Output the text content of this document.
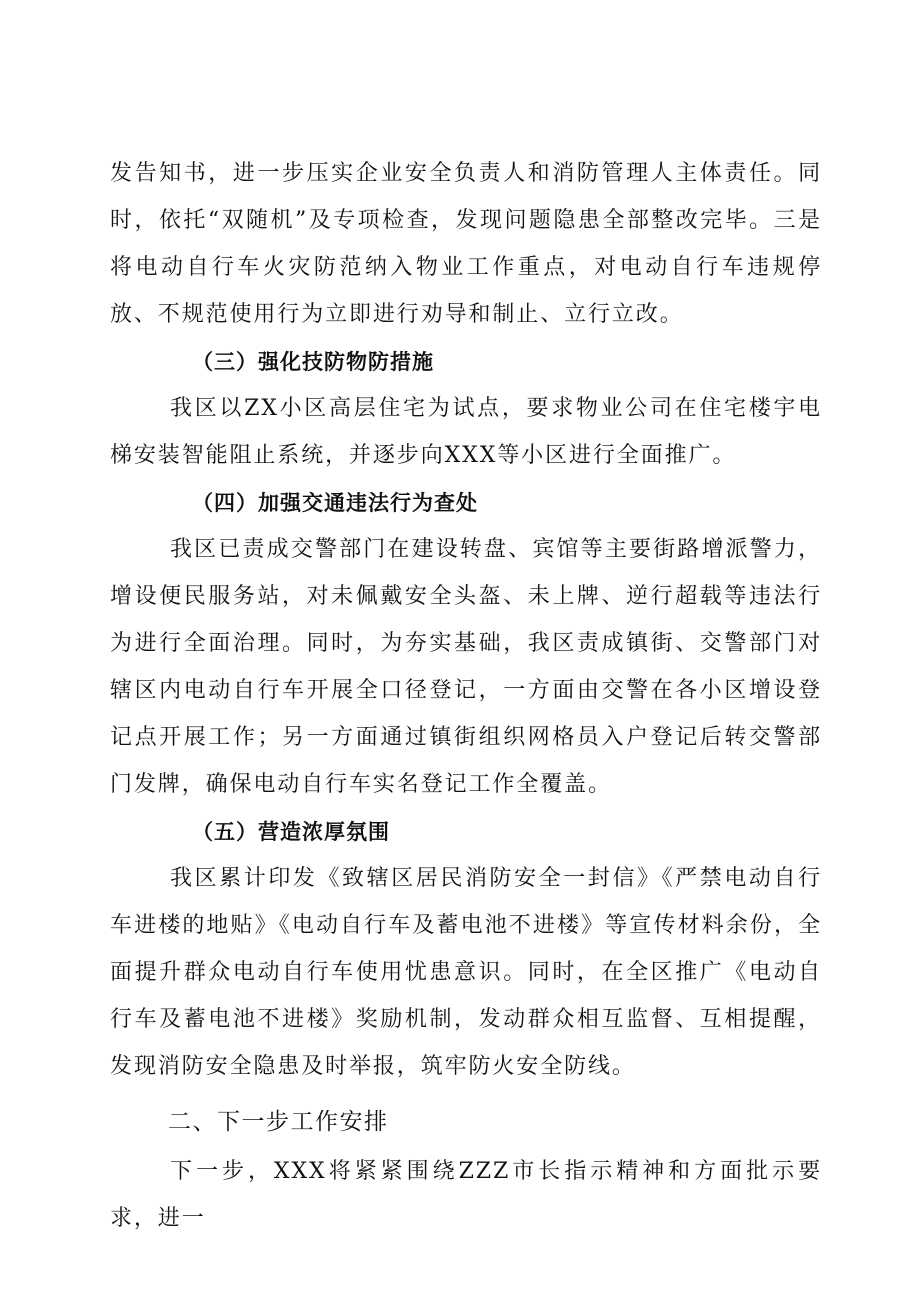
发告知书，进一步压实企业安全负责人和消防管理人主体责任。同时，依托“双随机”及专项检查，发现问题隐患全部整改完毕。三是将电动自行车火灾防范纳入物业工作重点，对电动自行车违规停放、不规范使用行为立即进行劝导和制止、立行立改。

（三）强化技防物防措施

我区以ZX小区高层住宅为试点，要求物业公司在住宅楼宇电梯安装智能阻止系统，并逐步向XXX等小区进行全面推广。

（四）加强交通违法行为查处

我区已责成交警部门在建设转盘、宾馆等主要街路增派警力，增设便民服务站，对未佩戴安全头盔、未上牌、逆行超载等违法行为进行全面治理。同时，为夯实基础，我区责成镇街、交警部门对辖区内电动自行车开展全口径登记，一方面由交警在各小区增设登记点开展工作；另一方面通过镇街组织网格员入户登记后转交警部门发牌，确保电动自行车实名登记工作全覆盖。

（五）营造浓厚氛围

我区累计印发《致辖区居民消防安全一封信》《严禁电动自行车进楼的地贴》《电动自行车及蓄电池不进楼》等宣传材料余份，全面提升群众电动自行车使用忧患意识。同时，在全区推广《电动自行车及蓄电池不进楼》奖励机制，发动群众相互监督、互相提醒，发现消防安全隐患及时举报，筑牢防火安全防线。

二、下一步工作安排

下一步，XXX将紧紧围绕ZZZ市长指示精神和方面批示要求，进一
